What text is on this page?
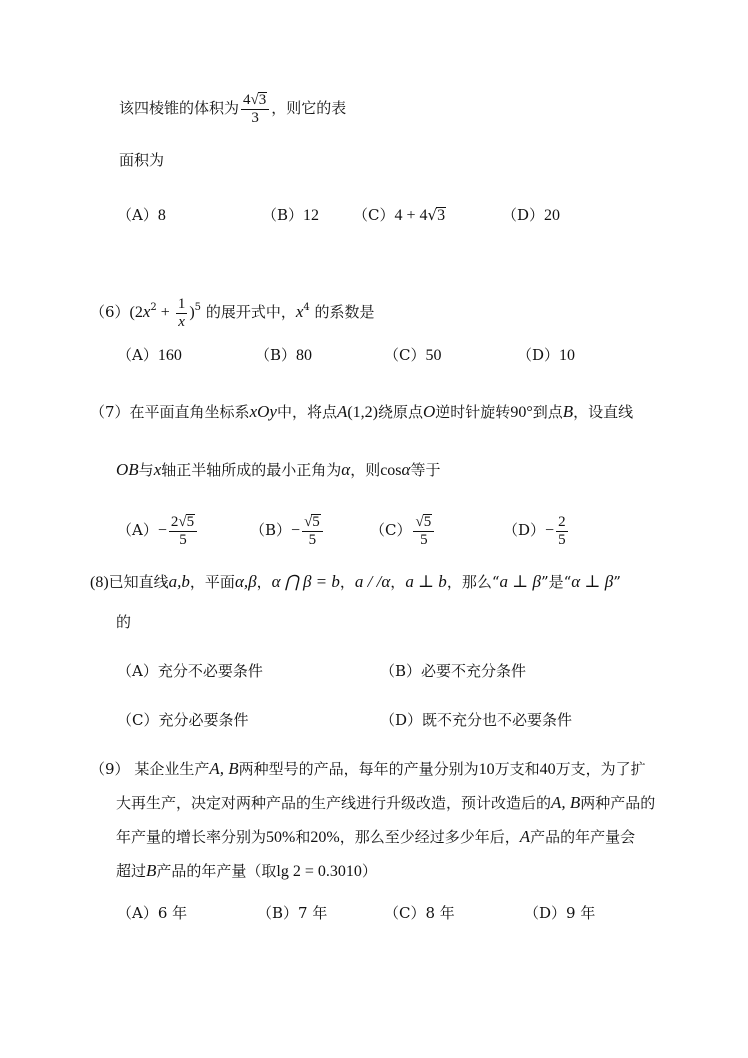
该四棱锥的体积为 $\frac{4√3}{3}$ ，则它的表
面积为
（A）8	（B）12 （C）4 + 4√3	（D）20
$(6)(2x^2 + \frac{1}{x} )^5$ 的展开式中，$x^4$ 的系数是
（A）160	（B）80	（C）50	（D）10
（7）在平面直角坐标系xOy中，将点A(1,2)绕原点O逆时针旋转90°到点B，设直线
OB与x轴正半轴所成的最小正角为α，则cosα等于
$(A)- \frac{2√5}{5}$	$(B)- \frac{√5}{5}$	$(C) \frac{√5}{5}$	$(D)- \frac{2}{5}$
(8)已知直线a,b，平面α,β，α ⋂ β = b，a / /α，a ⊥ b，那么“a ⊥ β”是“α ⊥ β”
的
（A）充分不必要条件	（B）必要不充分条件
（C）充分必要条件	（D）既不充分也不必要条件
（9） 某企业生产A, B两种型号的产品，每年的产量分别为10万支和40万支，为了扩
大再生产，决定对两种产品的生产线进行升级改造，预计改造后的A, B两种产品的
年产量的增长率分别为50%和20%，那么至少经过多少年后，A产品的年产量会
超过B产品的年产量（取lg 2 = 0.3010）
（A）6 年	（B）7 年	（C）8 年	（D）9 年
